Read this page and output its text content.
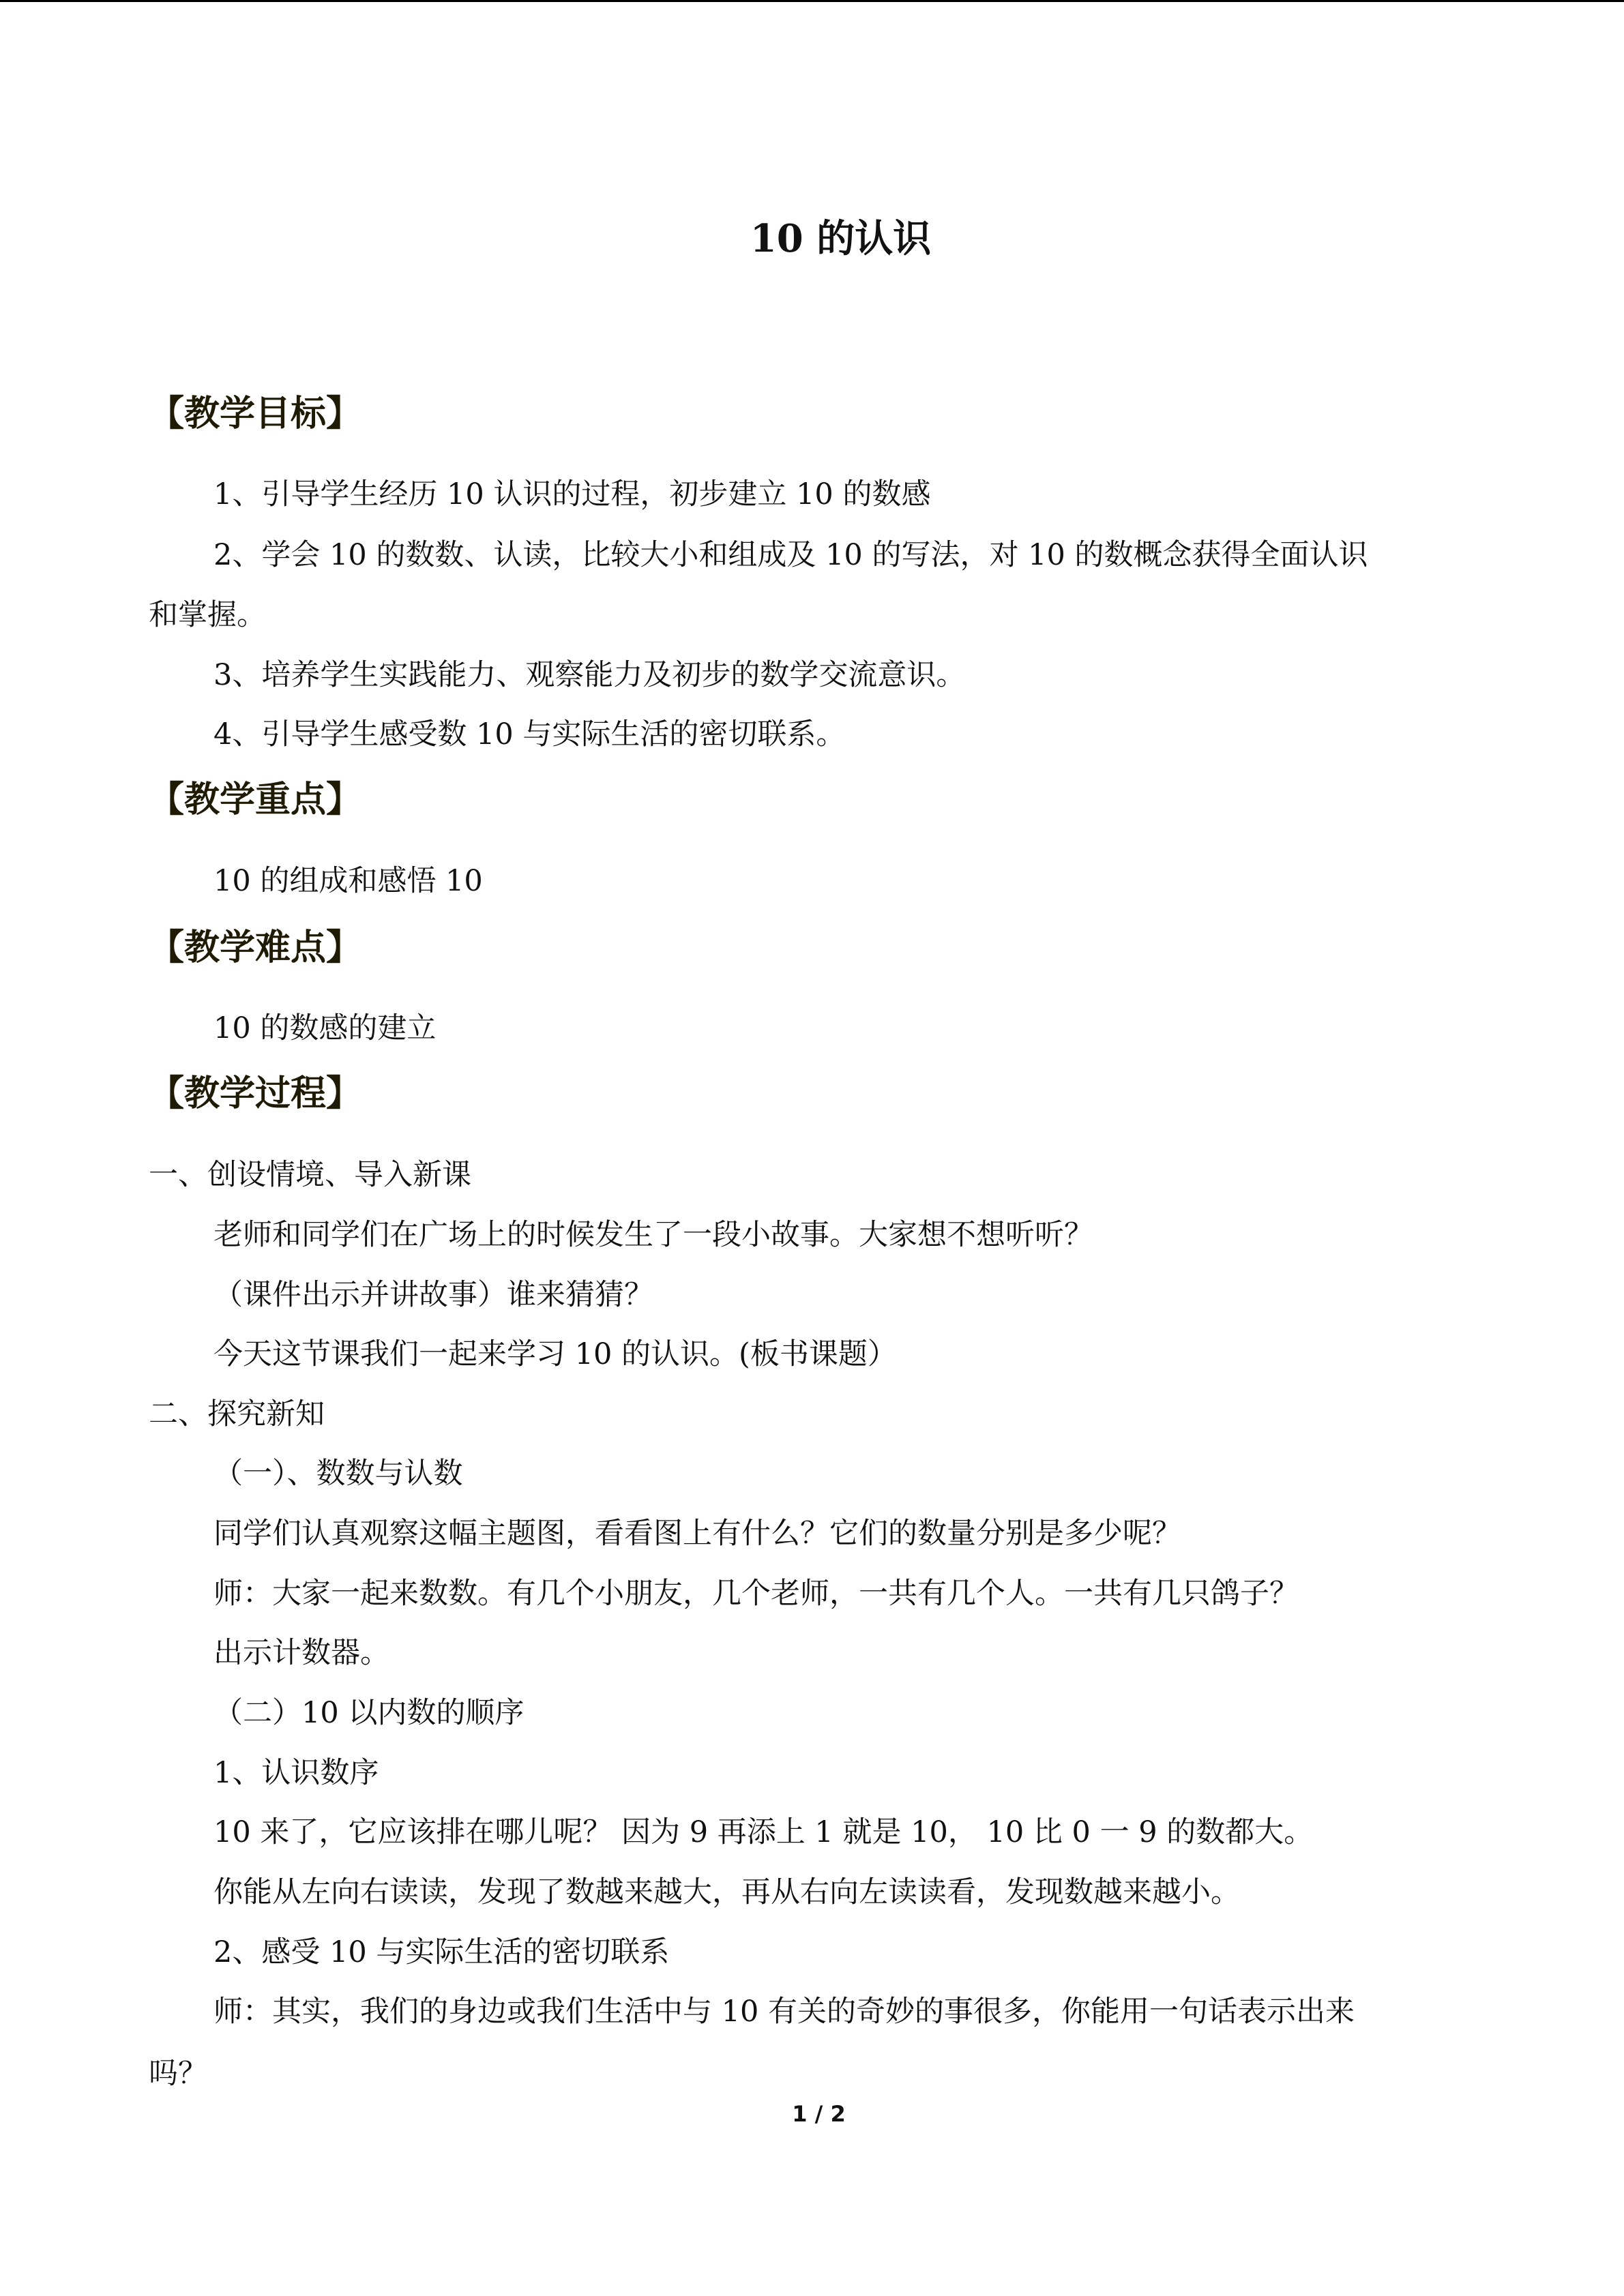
10 的认识
【教学目标】

1、引导学生经历 10 认识的过程，初步建立 10 的数感

2、学会 10 的数数、认读，比较大小和组成及 10 的写法，对 10 的数概念获得全面认识

和掌握。

3、培养学生实践能力、观察能力及初步的数学交流意识。

4、引导学生感受数 10 与实际生活的密切联系。

【教学重点】

10 的组成和感悟 10

【教学难点】

10 的数感的建立

【教学过程】

一、创设情境、导入新课

老师和同学们在广场上的时候发生了一段小故事。大家想不想听听？

（课件出示并讲故事）谁来猜猜？

今天这节课我们一起来学习 10 的认识。(板书课题）

二、探究新知

（一）、数数与认数

同学们认真观察这幅主题图，看看图上有什么？它们的数量分别是多少呢？

师：大家一起来数数。有几个小朋友，几个老师，一共有几个人。一共有几只鸽子？

出示计数器。

（二）10 以内数的顺序

1、认识数序

10 来了，它应该排在哪儿呢？ 因为 9 再添上 1 就是 10， 10 比 0 一 9 的数都大。

你能从左向右读读，发现了数越来越大，再从右向左读读看，发现数越来越小。

2、感受 10 与实际生活的密切联系

师：其实，我们的身边或我们生活中与 10 有关的奇妙的事很多，你能用一句话表示出来

吗？

1 / 2
